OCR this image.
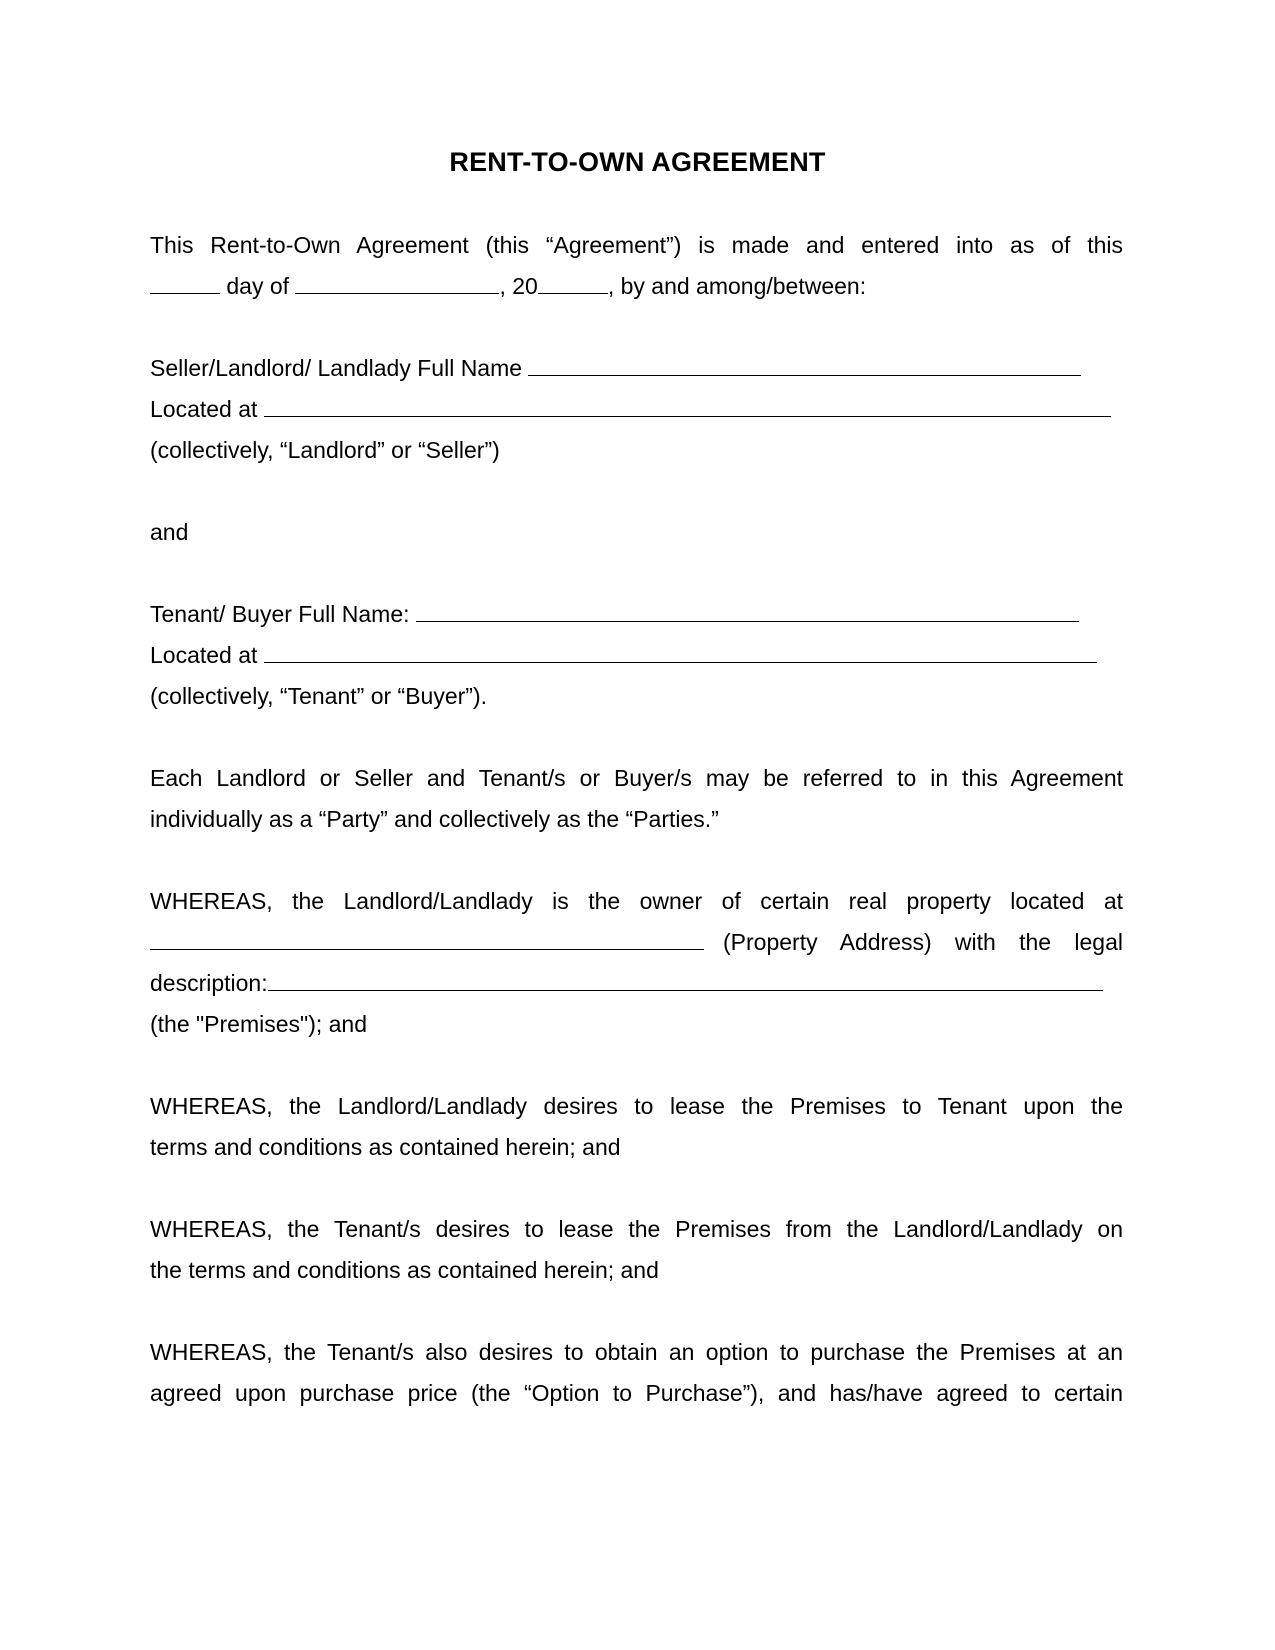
RENT-TO-OWN AGREEMENT
This Rent-to-Own Agreement (this “Agreement”) is made and entered into as of this
day of	, 20	, by and among/between:
Seller/Landlord/ Landlady Full Name
Located at
(collectively, “Landlord” or “Seller”)
and
Tenant/ Buyer Full Name:
Located at
(collectively, “Tenant” or “Buyer”).
Each Landlord or Seller and Tenant/s or Buyer/s may be referred to in this Agreement
individually as a “Party” and collectively as the “Parties.”
WHEREAS, the Landlord/Landlady is the owner of certain real property located at
(Property Address) with the legal
description:
(the "Premises"); and
WHEREAS, the Landlord/Landlady desires to lease the Premises to Tenant upon the
terms and conditions as contained herein; and
WHEREAS, the Tenant/s desires to lease the Premises from the Landlord/Landlady on
the terms and conditions as contained herein; and
WHEREAS, the Tenant/s also desires to obtain an option to purchase the Premises at an
agreed upon purchase price (the “Option to Purchase”), and has/have agreed to certain
